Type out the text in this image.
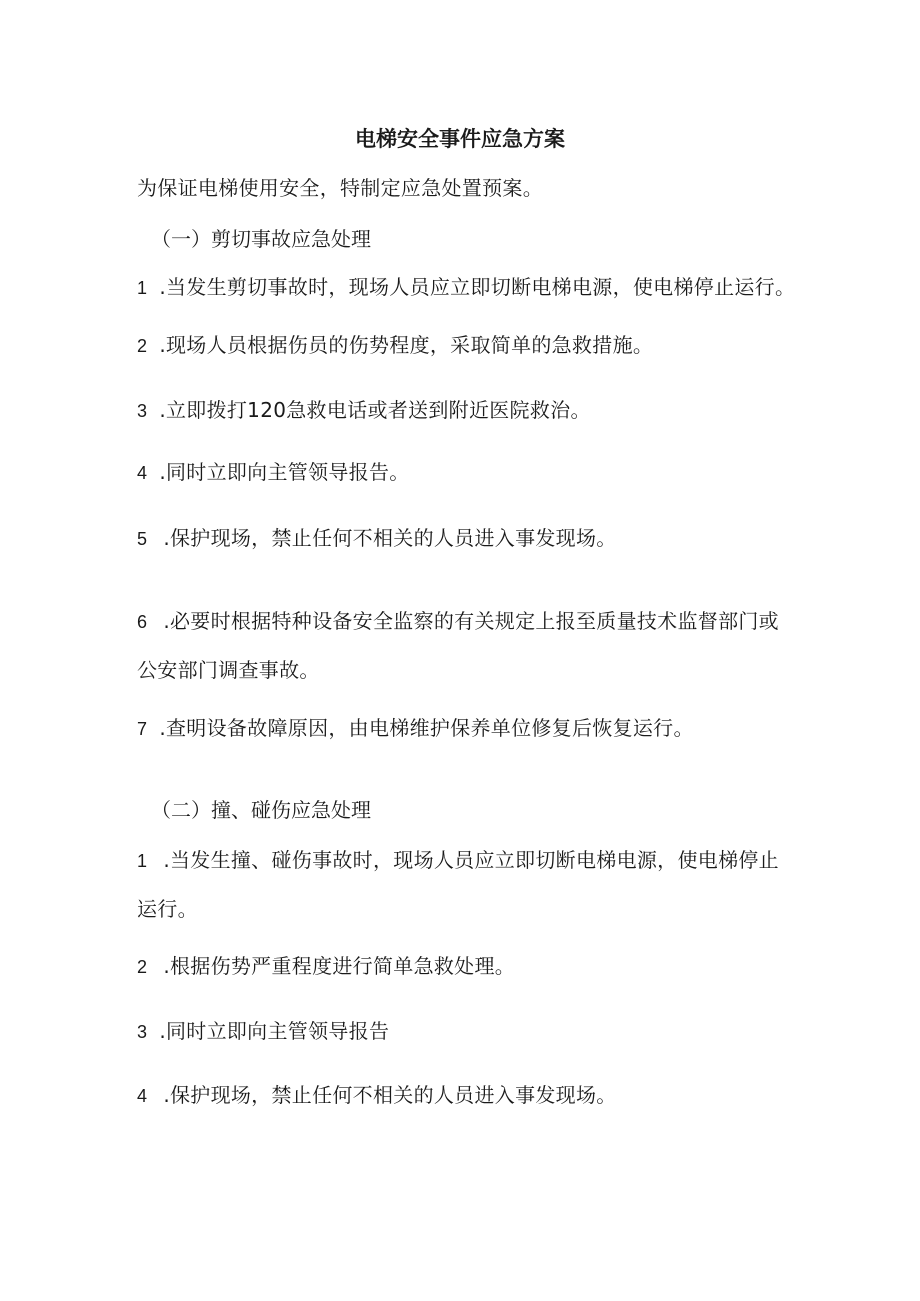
电梯安全事件应急方案
为保证电梯使用安全，特制定应急处置预案。
（一）剪切事故应急处理
1 .当发生剪切事故时，现场人员应立即切断电梯电源，使电梯停止运行。
2 .现场人员根据伤员的伤势程度，采取简单的急救措施。
3 .立即拨打120急救电话或者送到附近医院救治。
4 .同时立即向主管领导报告。
5 .保护现场，禁止任何不相关的人员进入事发现场。
6 .必要时根据特种设备安全监察的有关规定上报至质量技术监督部门或
公安部门调查事故。
7 .查明设备故障原因，由电梯维护保养单位修复后恢复运行。
（二）撞、碰伤应急处理
1 .当发生撞、碰伤事故时，现场人员应立即切断电梯电源，使电梯停止
运行。
2 .根据伤势严重程度进行简单急救处理。
3 .同时立即向主管领导报告
4 .保护现场，禁止任何不相关的人员进入事发现场。
